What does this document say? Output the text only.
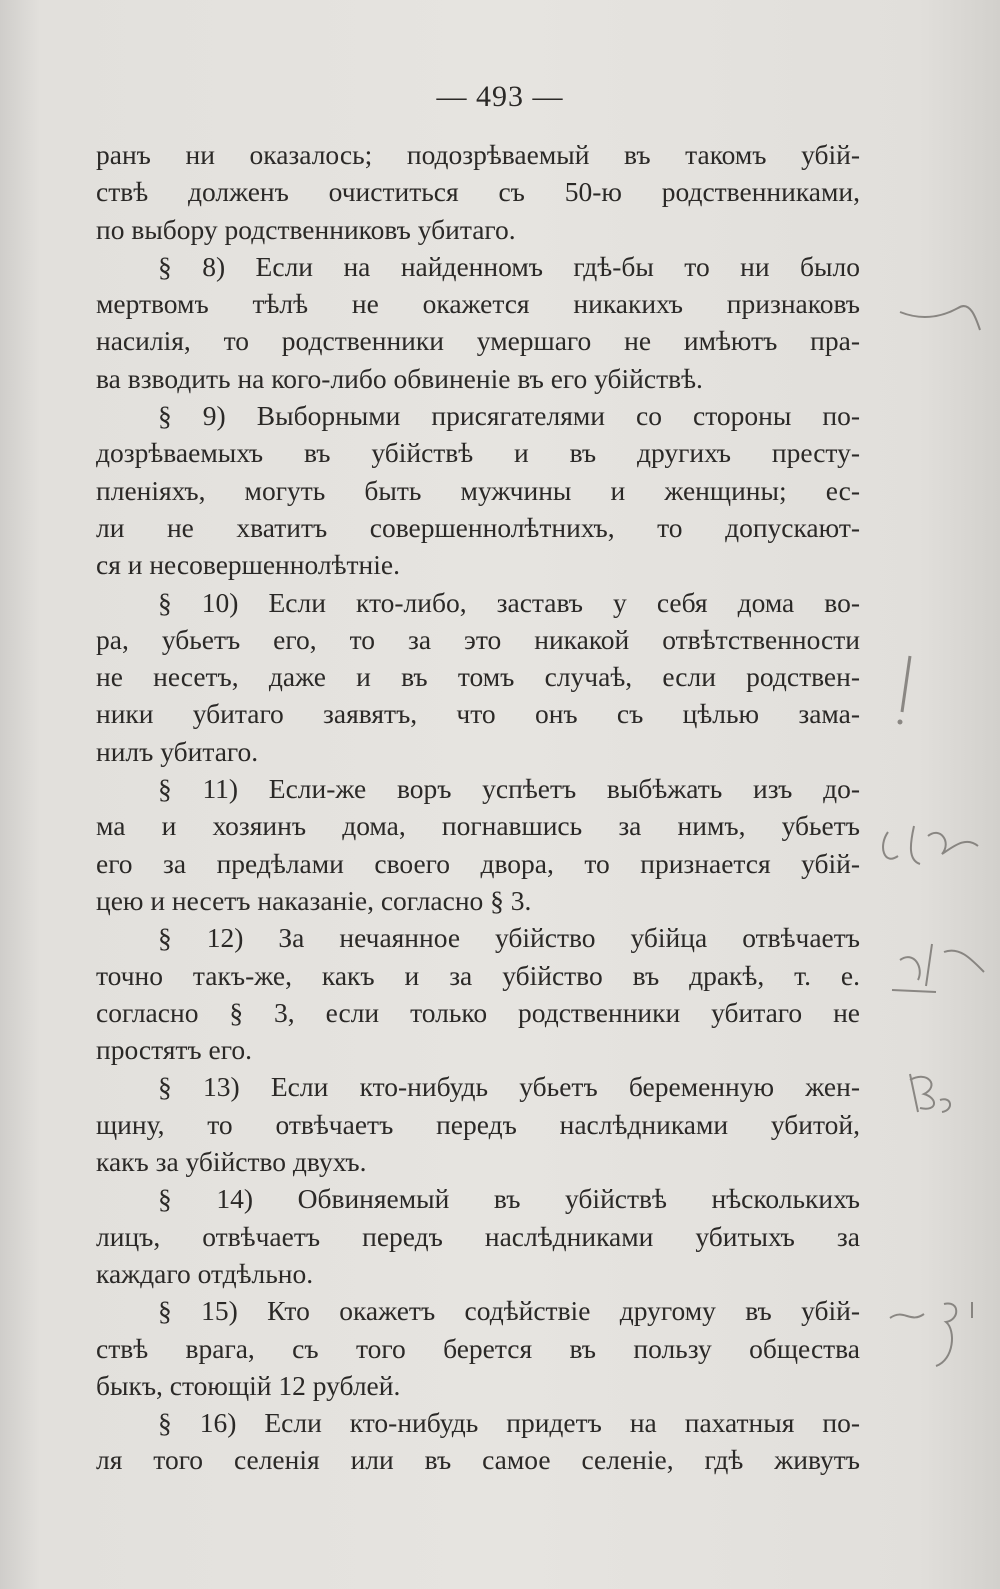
— 493 —
ранъ ни оказалось; подозрѣваемый въ такомъ убій-
ствѣ долженъ очиститься съ 50-ю родственниками,
по выбору родственниковъ убитаго.
§ 8) Если на найденномъ гдѣ-бы то ни было
мертвомъ тѣлѣ не окажется никакихъ признаковъ
насилія, то родственники умершаго не имѣютъ пра-
ва взводить на кого-либо обвиненіе въ его убійствѣ.
§ 9) Выборными присягателями со стороны по-
дозрѣваемыхъ въ убійствѣ и въ другихъ престу-
пленіяхъ, могуть быть мужчины и женщины; ес-
ли не хватитъ совершеннолѣтнихъ, то допускают-
ся и несовершеннолѣтніе.
§ 10) Если кто-либо, заставъ у себя дома во-
ра, убьетъ его, то за это никакой отвѣтственности
не несетъ, даже и въ томъ случаѣ, если родствен-
ники убитаго заявятъ, что онъ съ цѣлью зама-
нилъ убитаго.
§ 11) Если-же воръ успѣетъ выбѣжать изъ до-
ма и хозяинъ дома, погнавшись за нимъ, убьетъ
его за предѣлами своего двора, то признается убій-
цею и несетъ наказаніе, согласно § 3.
§ 12) За нечаянное убійство убійца отвѣчаетъ
точно такъ-же, какъ и за убійство въ дракѣ, т. е.
согласно § 3, если только родственники убитаго не
простятъ его.
§ 13) Если кто-нибудь убьетъ беременную жен-
щину, то отвѣчаетъ передъ наслѣдниками убитой,
какъ за убійство двухъ.
§ 14) Обвиняемый въ убійствѣ нѣсколькихъ
лицъ, отвѣчаетъ передъ наслѣдниками убитыхъ за
каждаго отдѣльно.
§ 15) Кто окажетъ содѣйствіе другому въ убій-
ствѣ врага, съ того берется въ пользу общества
быкъ, стоющій 12 рублей.
§ 16) Если кто-нибудь придетъ на пахатныя по-
ля того селенія или въ самое селеніе, гдѣ живутъ
